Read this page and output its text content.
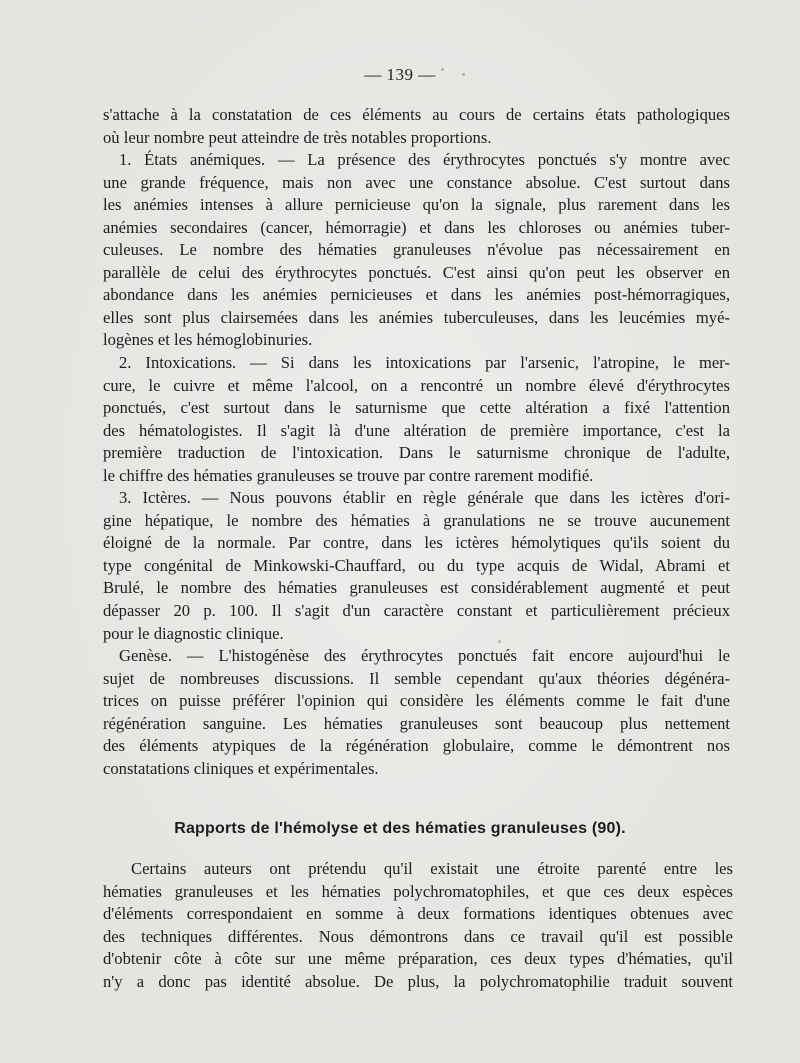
— 139 —
s'attache à la constatation de ces éléments au cours de certains états pathologiques
où leur nombre peut atteindre de très notables proportions.
1. États anémiques. — La présence des érythrocytes ponctués s'y montre avec
une grande fréquence, mais non avec une constance absolue. C'est surtout dans
les anémies intenses à allure pernicieuse qu'on la signale, plus rarement dans les
anémies secondaires (cancer, hémorragie) et dans les chloroses ou anémies tuber-
culeuses. Le nombre des hématies granuleuses n'évolue pas nécessairement en
parallèle de celui des érythrocytes ponctués. C'est ainsi qu'on peut les observer en
abondance dans les anémies pernicieuses et dans les anémies post-hémorragiques,
elles sont plus clairsemées dans les anémies tuberculeuses, dans les leucémies myé-
logènes et les hémoglobinuries.
2. Intoxications. — Si dans les intoxications par l'arsenic, l'atropine, le mer-
cure, le cuivre et même l'alcool, on a rencontré un nombre élevé d'érythrocytes
ponctués, c'est surtout dans le saturnisme que cette altération a fixé l'attention
des hématologistes. Il s'agit là d'une altération de première importance, c'est la
première traduction de l'intoxication. Dans le saturnisme chronique de l'adulte,
le chiffre des hématies granuleuses se trouve par contre rarement modifié.
3. Ictères. — Nous pouvons établir en règle générale que dans les ictères d'ori-
gine hépatique, le nombre des hématies à granulations ne se trouve aucunement
éloigné de la normale. Par contre, dans les ictères hémolytiques qu'ils soient du
type congénital de Minkowski-Chauffard, ou du type acquis de Widal, Abrami et
Brulé, le nombre des hématies granuleuses est considérablement augmenté et peut
dépasser 20 p. 100. Il s'agit d'un caractère constant et particulièrement précieux
pour le diagnostic clinique.
Genèse. — L'histogénèse des érythrocytes ponctués fait encore aujourd'hui le
sujet de nombreuses discussions. Il semble cependant qu'aux théories dégénéra-
trices on puisse préférer l'opinion qui considère les éléments comme le fait d'une
régénération sanguine. Les hématies granuleuses sont beaucoup plus nettement
des éléments atypiques de la régénération globulaire, comme le démontrent nos
constatations cliniques et expérimentales.
Rapports de l'hémolyse et des hématies granuleuses (90).
Certains auteurs ont prétendu qu'il existait une étroite parenté entre les
hématies granuleuses et les hématies polychromatophiles, et que ces deux espèces
d'éléments correspondaient en somme à deux formations identiques obtenues avec
des techniques différentes. Nous démontrons dans ce travail qu'il est possible
d'obtenir côte à côte sur une même préparation, ces deux types d'hématies, qu'il
n'y a donc pas identité absolue. De plus, la polychromatophilie traduit souvent
